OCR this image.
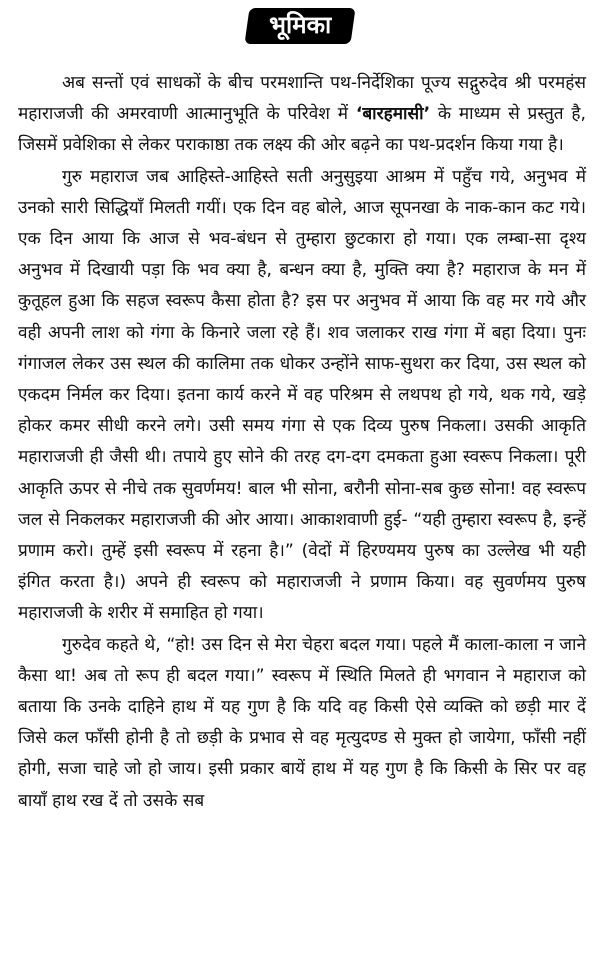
भूमिका

अब सन्तों एवं साधकों के बीच परमशान्ति पथ-निर्देशिका पूज्य सद्गुरुदेव श्री परमहंस महाराजजी की अमरवाणी आत्मानुभूति के परिवेश में ‘बारहमासी’ के माध्यम से प्रस्तुत है, जिसमें प्रवेशिका से लेकर पराकाष्ठा तक लक्ष्य की ओर बढ़ने का पथ-प्रदर्शन किया गया है।

गुरु महाराज जब आहिस्ते-आहिस्ते सती अनुसुइया आश्रम में पहुँच गये, अनुभव में उनको सारी सिद्धियाँ मिलती गयीं। एक दिन वह बोले, आज सूपनखा के नाक-कान कट गये। एक दिन आया कि आज से भव-बंधन से तुम्हारा छुटकारा हो गया। एक लम्बा-सा दृश्य अनुभव में दिखायी पड़ा कि भव क्या है, बन्धन क्या है, मुक्ति क्या है? महाराज के मन में कुतूहल हुआ कि सहज स्वरूप कैसा होता है? इस पर अनुभव में आया कि वह मर गये और वही अपनी लाश को गंगा के किनारे जला रहे हैं। शव जलाकर राख गंगा में बहा दिया। पुनः गंगाजल लेकर उस स्थल की कालिमा तक धोकर उन्होंने साफ-सुथरा कर दिया, उस स्थल को एकदम निर्मल कर दिया। इतना कार्य करने में वह परिश्रम से लथपथ हो गये, थक गये, खड़े होकर कमर सीधी करने लगे। उसी समय गंगा से एक दिव्य पुरुष निकला। उसकी आकृति महाराजजी ही जैसी थी। तपाये हुए सोने की तरह दग-दग दमकता हुआ स्वरूप निकला। पूरी आकृति ऊपर से नीचे तक सुवर्णमय! बाल भी सोना, बरौनी सोना-सब कुछ सोना! वह स्वरूप जल से निकलकर महाराजजी की ओर आया। आकाशवाणी हुई- “यही तुम्हारा स्वरूप है, इन्हें प्रणाम करो। तुम्हें इसी स्वरूप में रहना है।” (वेदों में हिरण्यमय पुरुष का उल्लेख भी यही इंगित करता है।) अपने ही स्वरूप को महाराजजी ने प्रणाम किया। वह सुवर्णमय पुरुष महाराजजी के शरीर में समाहित हो गया।

गुरुदेव कहते थे, “हो! उस दिन से मेरा चेहरा बदल गया। पहले मैं काला-काला न जाने कैसा था! अब तो रूप ही बदल गया।” स्वरूप में स्थिति मिलते ही भगवान ने महाराज को बताया कि उनके दाहिने हाथ में यह गुण है कि यदि वह किसी ऐसे व्यक्ति को छड़ी मार दें जिसे कल फाँसी होनी है तो छड़ी के प्रभाव से वह मृत्युदण्ड से मुक्त हो जायेगा, फाँसी नहीं होगी, सजा चाहे जो हो जाय। इसी प्रकार बायें हाथ में यह गुण है कि किसी के सिर पर वह बायाँ हाथ रख दें तो उसके सब
